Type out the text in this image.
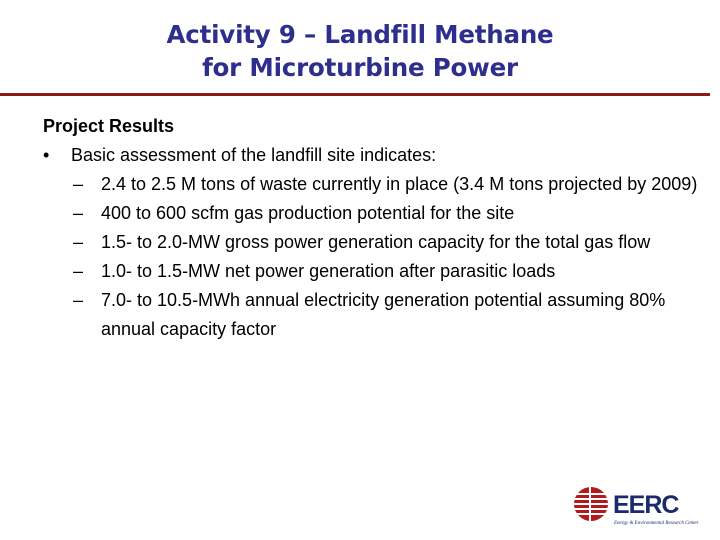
Activity 9 – Landfill Methane
for Microturbine Power
Project Results
• Basic assessment of the landfill site indicates:
– 2.4 to 2.5 M tons of waste currently in place (3.4 M tons projected by 2009)
– 400 to 600 scfm gas production potential for the site
– 1.5- to 2.0-MW gross power generation capacity for the total gas flow
– 1.0- to 1.5-MW net power generation after parasitic loads
– 7.0- to 10.5-MWh annual electricity generation potential assuming 80% annual capacity factor
EERC
Energy & Environmental Research Center
